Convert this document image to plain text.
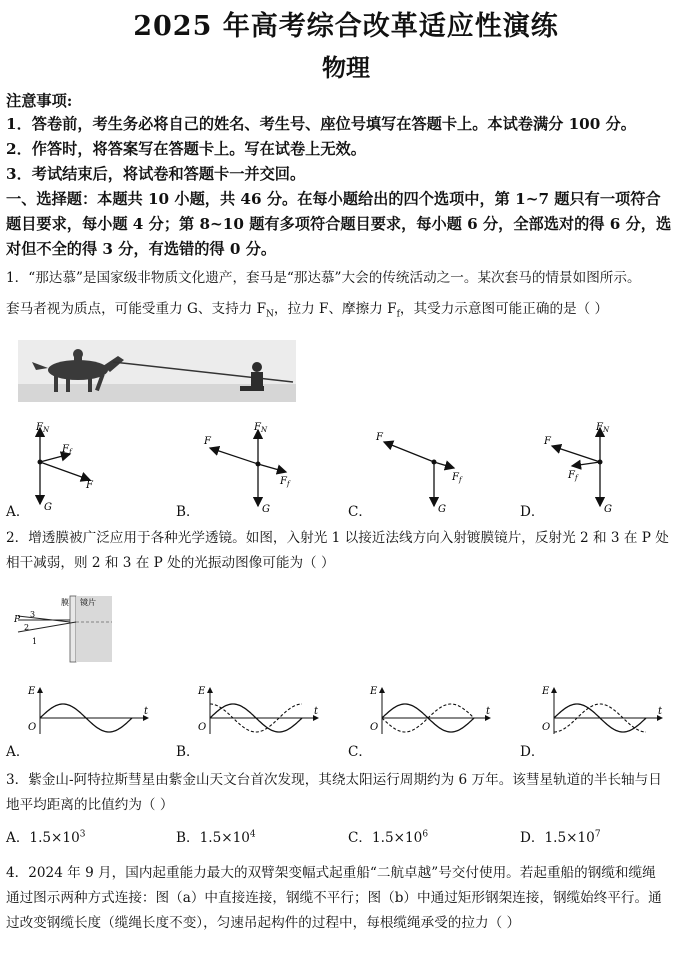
2025 年高考综合改革适应性演练
物理
注意事项:
1．答卷前，考生务必将自己的姓名、考生号、座位号填写在答题卡上。本试卷满分 100 分。
2．作答时，将答案写在答题卡上。写在试卷上无效。
3．考试结束后，将试卷和答题卡一并交回。
一、选择题：本题共 10 小题，共 46 分。在每小题给出的四个选项中，第 1~7 题只有一项符合
题目要求，每小题 4 分；第 8~10 题有多项符合题目要求，每小题 6 分，全部选对的得 6 分，选
对但不全的得 3 分，有选错的得 0 分。
1．“那达慕”是国家级非物质文化遗产，套马是“那达慕”大会的传统活动之一。某次套马的情景如图所示。
套马者视为质点，可能受重力 G、支持力 $F_N$，拉力 F、摩擦力 $F_f$，其受力示意图可能正确的是（ ）
$F_N$
$F_f$
F
G
$F_N$
F
$F_f$
G
F
$F_f$
G
$F_N$
F
$F_f$
G
A．	B．	C．	D．
2．增透膜被广泛应用于各种光学透镜。如图，入射光 1 以接近法线方向入射镀膜镜片，反射光 2 和 3 在 P 处
相干减弱，则 2 和 3 在 P 处的光振动图像可能为（ ）
P
3
2
1
膜 镜片
E
O
t
E
O
t
E
O
t
E
O
t
A．	B．	C．	D．
3．紫金山-阿特拉斯彗星由紫金山天文台首次发现，其绕太阳运行周期约为 6 万年。该彗星轨道的半长轴与日
地平均距离的比值约为（ ）
A．$1.5\times 10^3$	B．$1.5\times 10^4$	C．$1.5\times 10^6$	D．$1.5\times 10^7$
4．2024 年 9 月，国内起重能力最大的双臂架变幅式起重船“二航卓越”号交付使用。若起重船的钢缆和缆绳
通过图示两种方式连接：图（a）中直接连接，钢缆不平行；图（b）中通过矩形钢架连接，钢缆始终平行。通
过改变钢缆长度（缆绳长度不变），匀速吊起构件的过程中，每根缆绳承受的拉力（ ）
